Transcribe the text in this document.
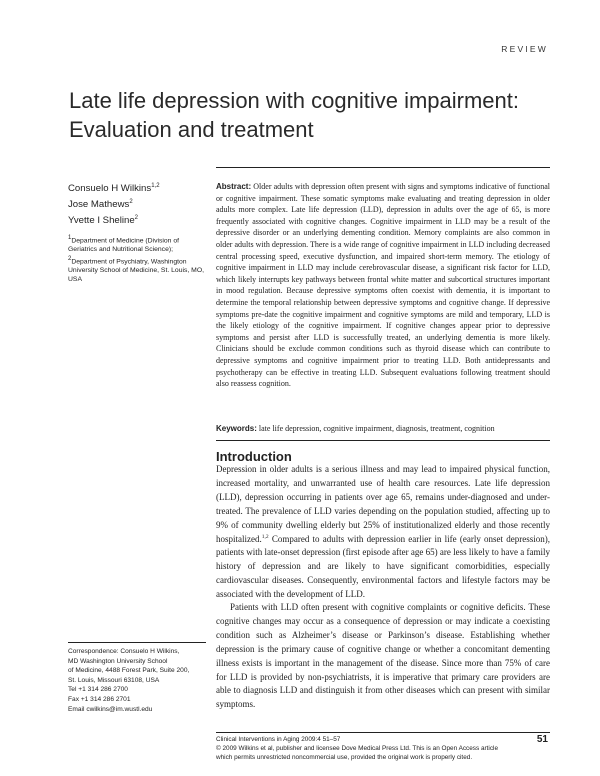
REVIEW
Late life depression with cognitive impairment: Evaluation and treatment
Consuelo H Wilkins$^{1,2}$
Jose Mathews$^2$
Yvette I Sheline$^2$
$^1$Department of Medicine (Division of Geriatrics and Nutritional Science); $^2$Department of Psychiatry, Washington University School of Medicine, St. Louis, MO, USA

Abstract: Older adults with depression often present with signs and symptoms indicative of functional or cognitive impairment. These somatic symptoms make evaluating and treating depression in older adults more complex. Late life depression (LLD), depression in adults over the age of 65, is more frequently associated with cognitive changes. Cognitive impairment in LLD may be a result of the depressive disorder or an underlying dementing condition. Memory complaints are also common in older adults with depression. There is a wide range of cognitive impairment in LLD including decreased central processing speed, executive dysfunction, and impaired short-term memory. The etiology of cognitive impairment in LLD may include cerebrovascular disease, a significant risk factor for LLD, which likely interrupts key pathways between frontal white matter and subcortical structures important in mood regulation. Because depressive symptoms often coexist with dementia, it is important to determine the temporal relationship between depressive symptoms and cognitive change. If depressive symptoms pre-date the cognitive impairment and cognitive symptoms are mild and temporary, LLD is the likely etiology of the cognitive impairment. If cognitive changes appear prior to depressive symptoms and persist after LLD is successfully treated, an underlying dementia is more likely. Clinicians should be exclude common conditions such as thyroid disease which can contribute to depressive symptoms and cognitive impairment prior to treating LLD. Both antidepressants and psychotherapy can be effective in treating LLD. Subsequent evaluations following treatment should also reassess cognition.

Keywords: late life depression, cognitive impairment, diagnosis, treatment, cognition

Introduction

Depression in older adults is a serious illness and may lead to impaired physical function, increased mortality, and unwarranted use of health care resources. Late life depression (LLD), depression occurring in patients over age 65, remains under-diagnosed and under-treated. The prevalence of LLD varies depending on the population studied, affecting up to 9% of community dwelling elderly but 25% of institutionalized elderly and those recently hospitalized.$^{1,2}$ Compared to adults with depression earlier in life (early onset depression), patients with late-onset depression (first episode after age 65) are less likely to have a family history of depression and are likely to have significant comorbidities, especially cardiovascular diseases. Consequently, environmental factors and lifestyle factors may be associated with the development of LLD.

Patients with LLD often present with cognitive complaints or cognitive deficits. These cognitive changes may occur as a consequence of depression or may indicate a coexisting condition such as Alzheimer’s disease or Parkinson’s disease. Establishing whether depression is the primary cause of cognitive change or whether a concomitant dementing illness exists is important in the management of the disease. Since more than 75% of care for LLD is provided by non-psychiatrists, it is imperative that primary care providers are able to diagnosis LLD and distinguish it from other diseases which can present with similar symptoms.

Correspondence: Consuelo H Wilkins,
MD Washington University School
of Medicine, 4488 Forest Park, Suite 200,
St. Louis, Missouri 63108, USA
Tel +1 314 286 2700
Fax +1 314 286 2701
Email cwilkins@im.wustl.edu
Clinical Interventions in Aging 2009:4 51–57
© 2009 Wilkins et al, publisher and licensee Dove Medical Press Ltd. This is an Open Access article
which permits unrestricted noncommercial use, provided the original work is properly cited.
51
